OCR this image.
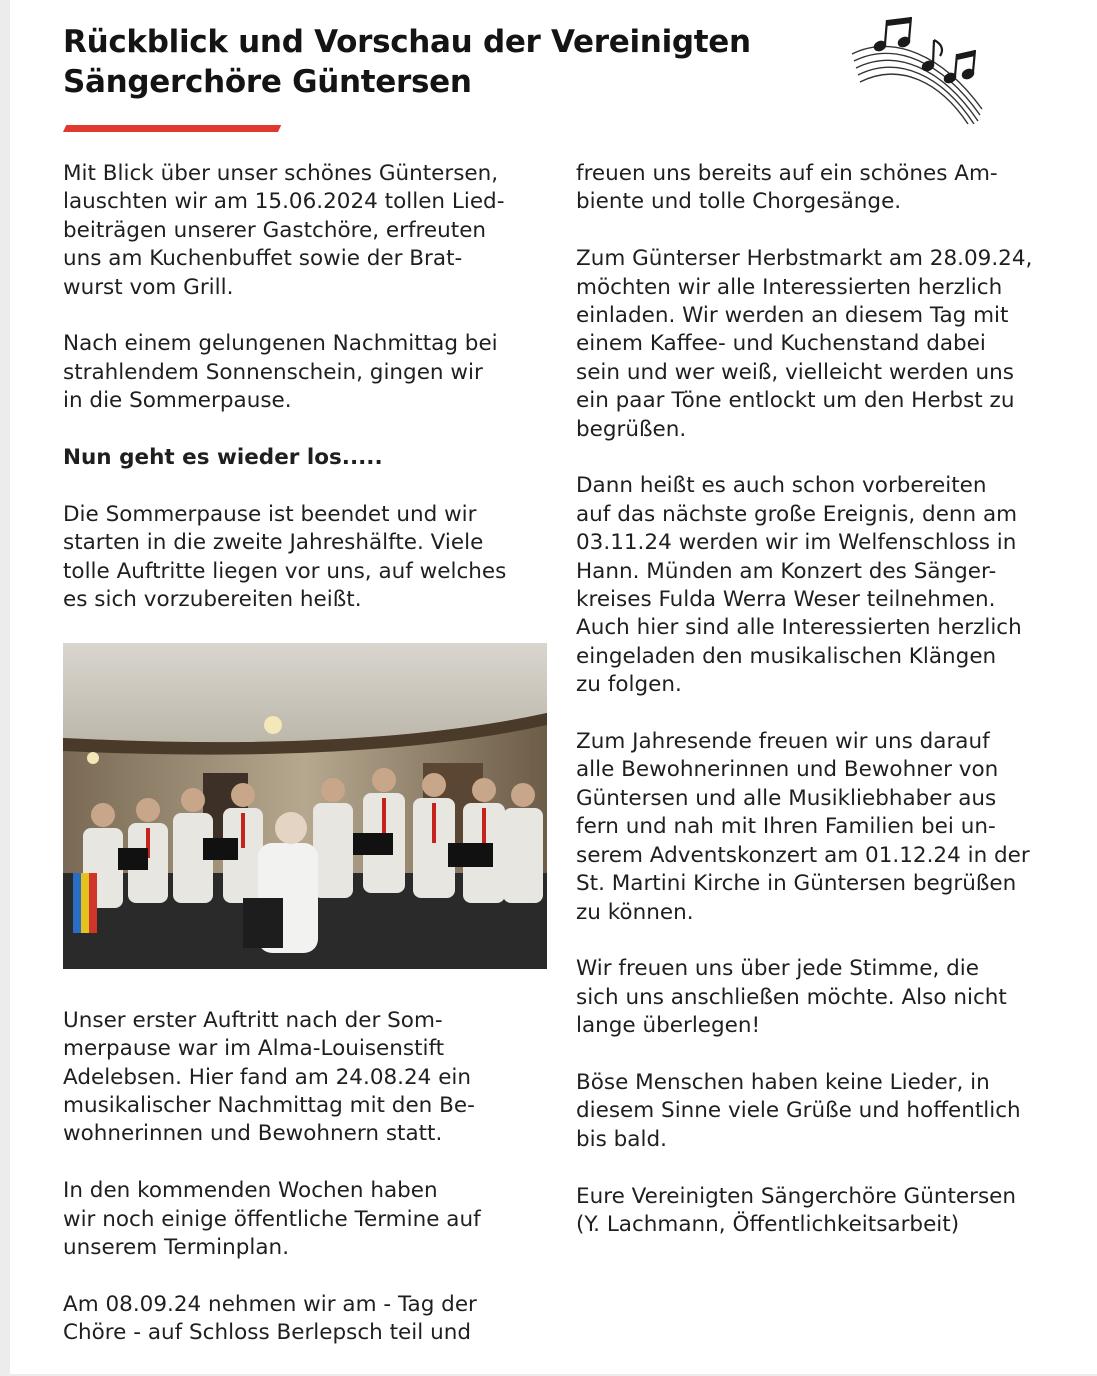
Rückblick und Vorschau der Vereinigten
Sängerchöre Güntersen

Mit Blick über unser schönes Güntersen,
lauschten wir am 15.06.2024 tollen Lied-
beiträgen unserer Gastchöre, erfreuten
uns am Kuchenbuffet sowie der Brat-
wurst vom Grill.

Nach einem gelungenen Nachmittag bei
strahlendem Sonnenschein, gingen wir
in die Sommerpause.

Nun geht es wieder los.....

Die Sommerpause ist beendet und wir
starten in die zweite Jahreshälfte. Viele
tolle Auftritte liegen vor uns, auf welches
es sich vorzubereiten heißt.

Unser erster Auftritt nach der Som-
merpause war im Alma-Louisenstift
Adelebsen. Hier fand am 24.08.24 ein
musikalischer Nachmittag mit den Be-
wohnerinnen und Bewohnern statt.

In den kommenden Wochen haben
wir noch einige öffentliche Termine auf
unserem Terminplan.

Am 08.09.24 nehmen wir am - Tag der
Chöre - auf Schloss Berlepsch teil und

freuen uns bereits auf ein schönes Am-
biente und tolle Chorgesänge.

Zum Günterser Herbstmarkt am 28.09.24,
möchten wir alle Interessierten herzlich
einladen. Wir werden an diesem Tag mit
einem Kaffee- und Kuchenstand dabei
sein und wer weiß, vielleicht werden uns
ein paar Töne entlockt um den Herbst zu
begrüßen.

Dann heißt es auch schon vorbereiten
auf das nächste große Ereignis, denn am
03.11.24 werden wir im Welfenschloss in
Hann. Münden am Konzert des Sänger-
kreises Fulda Werra Weser teilnehmen.
Auch hier sind alle Interessierten herzlich
eingeladen den musikalischen Klängen
zu folgen.

Zum Jahresende freuen wir uns darauf
alle Bewohnerinnen und Bewohner von
Güntersen und alle Musikliebhaber aus
fern und nah mit Ihren Familien bei un-
serem Adventskonzert am 01.12.24 in der
St. Martini Kirche in Güntersen begrüßen
zu können.

Wir freuen uns über jede Stimme, die
sich uns anschließen möchte. Also nicht
lange überlegen!

Böse Menschen haben keine Lieder, in
diesem Sinne viele Grüße und hoffentlich
bis bald.

Eure Vereinigten Sängerchöre Güntersen
(Y. Lachmann, Öffentlichkeitsarbeit)
